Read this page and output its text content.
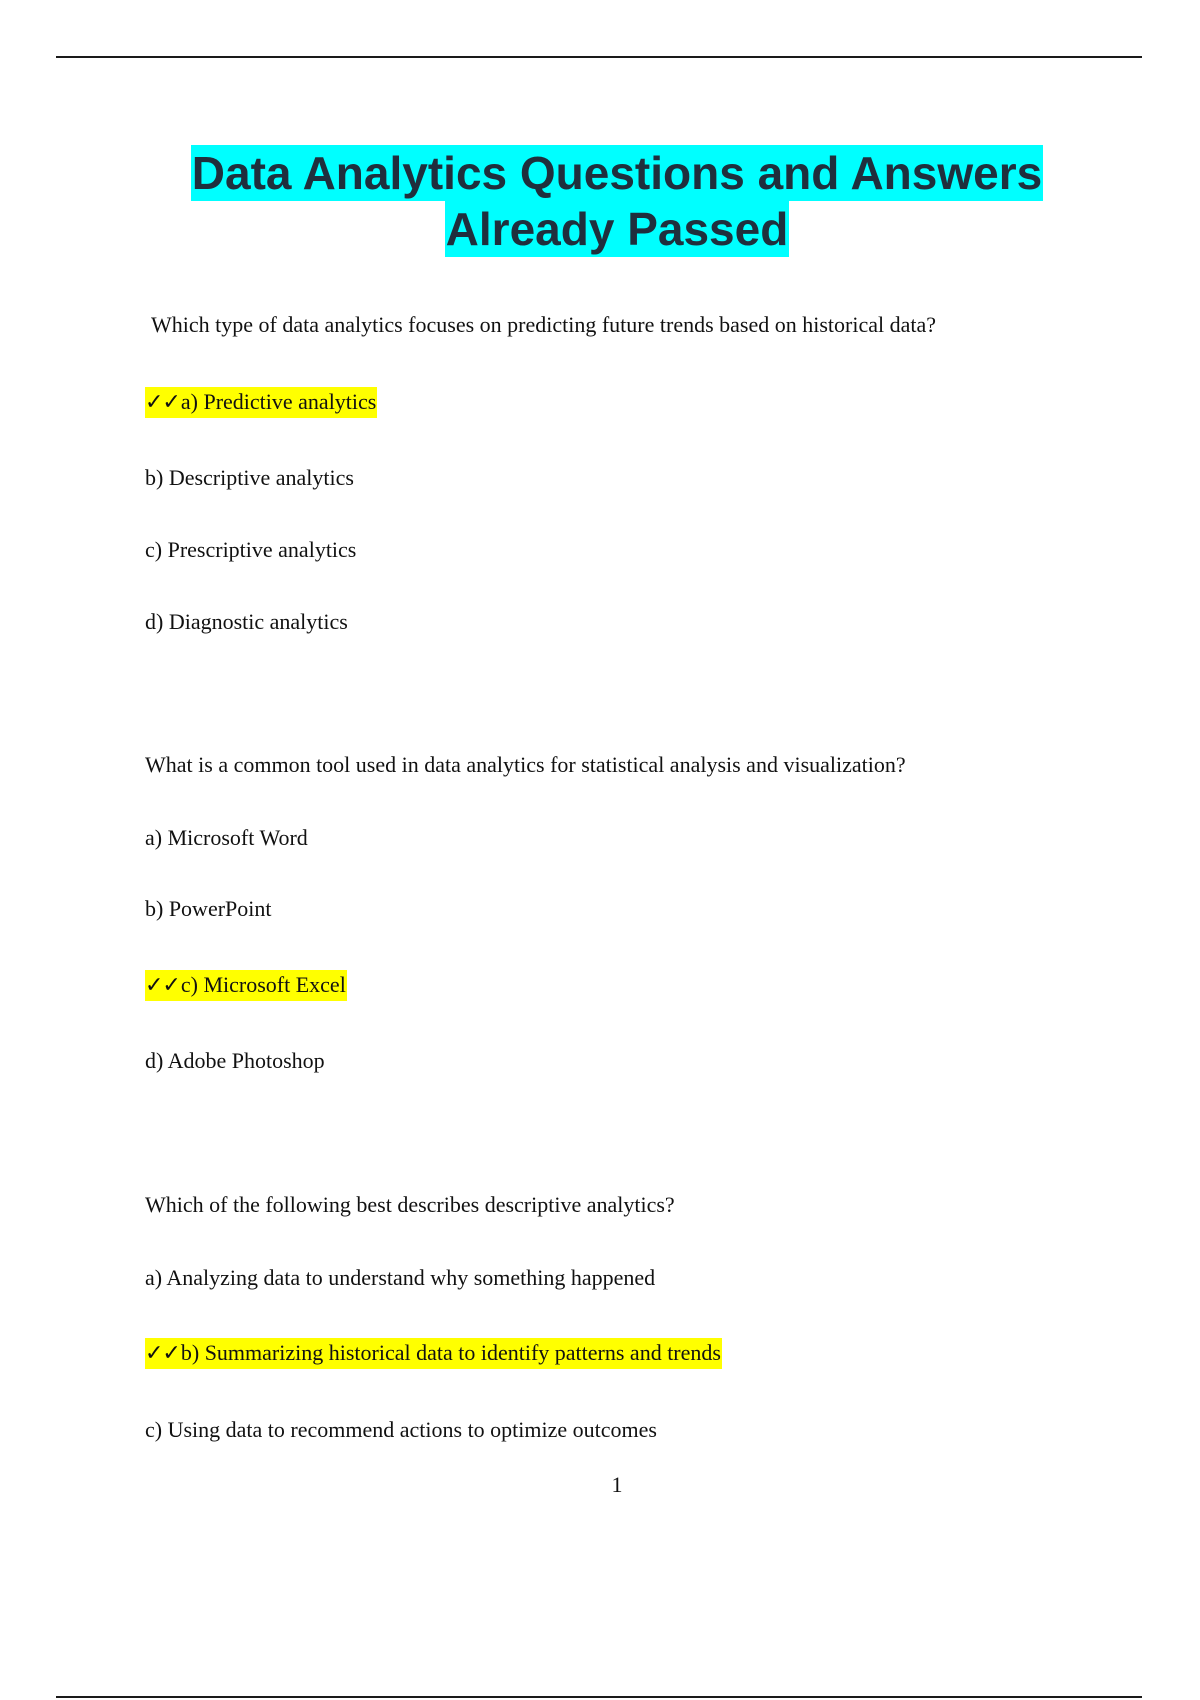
Data Analytics Questions and Answers
Already Passed
Which type of data analytics focuses on predicting future trends based on historical data?
✓✓a) Predictive analytics
b) Descriptive analytics
c) Prescriptive analytics
d) Diagnostic analytics
What is a common tool used in data analytics for statistical analysis and visualization?
a) Microsoft Word
b) PowerPoint
✓✓c) Microsoft Excel
d) Adobe Photoshop
Which of the following best describes descriptive analytics?
a) Analyzing data to understand why something happened
✓✓b) Summarizing historical data to identify patterns and trends
c) Using data to recommend actions to optimize outcomes
1
